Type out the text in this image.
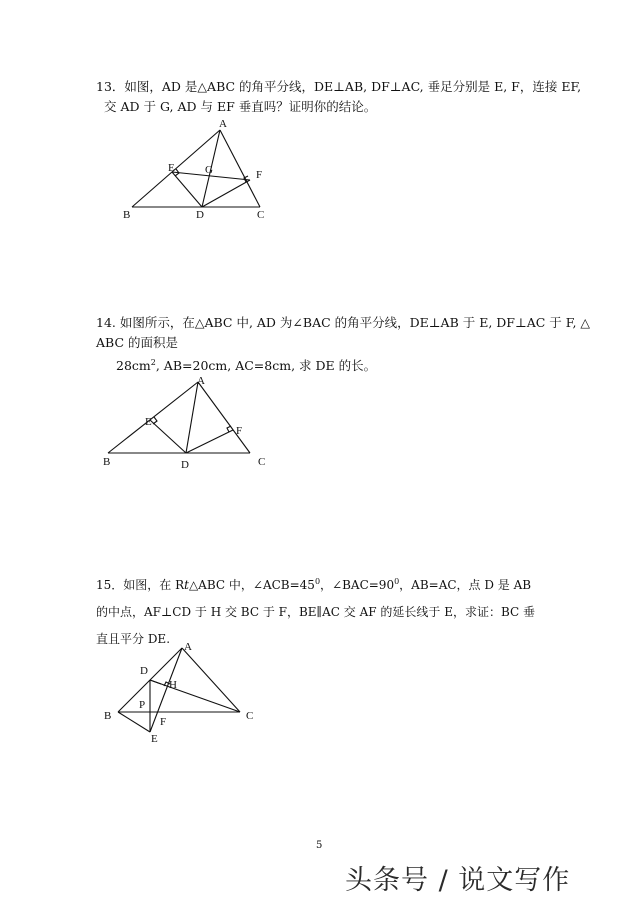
13．如图，AD 是△ABC 的角平分线，DE⊥AB, DF⊥AC, 垂足分别是 E, F，连接 EF,
交 AD 于 G, AD 与 EF 垂直吗？证明你的结论。
A
B	C
D
E
F
G
14. 如图所示，在△ABC 中, AD 为∠BAC 的角平分线，DE⊥AB 于 E, DF⊥AC 于 F, △
ABC 的面积是
$28cm^2$, AB=20cm, AC=8cm, 求 DE 的长。
A
B	C
D
E
F
15．如图，在 Rt△ABC 中，$\angle ACB=45^0$，$\angle BAC=90^0$，AB=AC，点 D 是 AB
的中点，AF⊥CD 于 H 交 BC 于 F，BE∥AC 交 AF 的延长线于 E，求证：BC 垂
直且平分 DE.
A
B	C
D
E
F
H
P
5
头条号 / 说文写作
